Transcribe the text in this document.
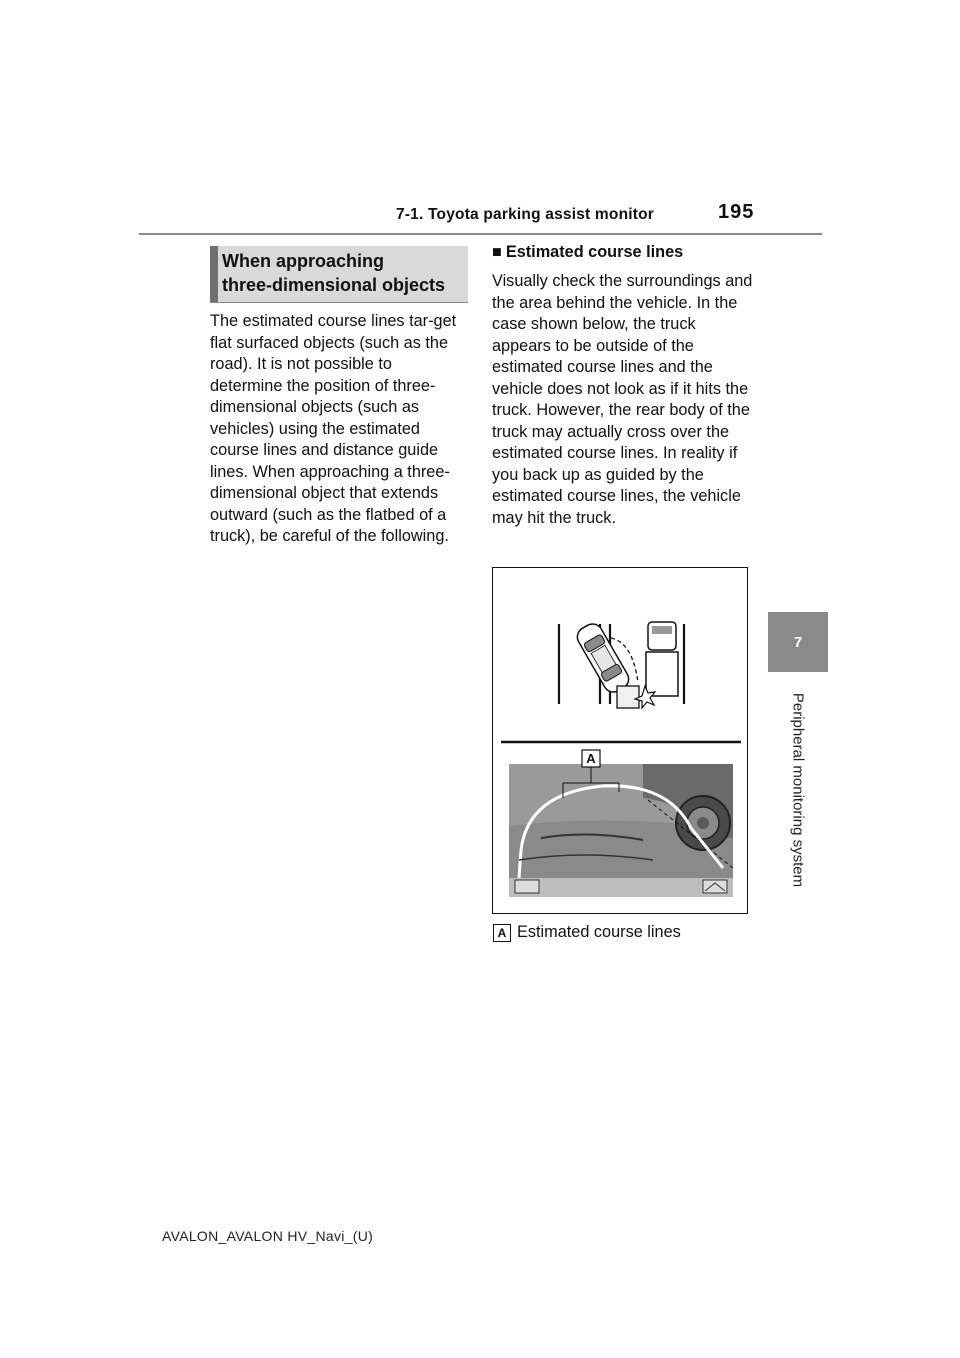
7-1. Toyota parking assist monitor	195
7
Peripheral monitoring system
When approaching
three-dimensional objects

The estimated course lines tar-get flat surfaced objects (such as the road). It is not possible to determine the position of three-dimensional objects (such as vehicles) using the estimated course lines and distance guide lines. When approaching a three-dimensional object that extends outward (such as the flatbed of a truck), be careful of the following.

■ Estimated course lines

Visually check the surroundings and the area behind the vehicle. In the case shown below, the truck appears to be outside of the estimated course lines and the vehicle does not look as if it hits the truck. However, the rear body of the truck may actually cross over the estimated course lines. In reality if you back up as guided by the estimated course lines, the vehicle may hit the truck.

A
A Estimated course lines
AVALON_AVALON HV_Navi_(U)
